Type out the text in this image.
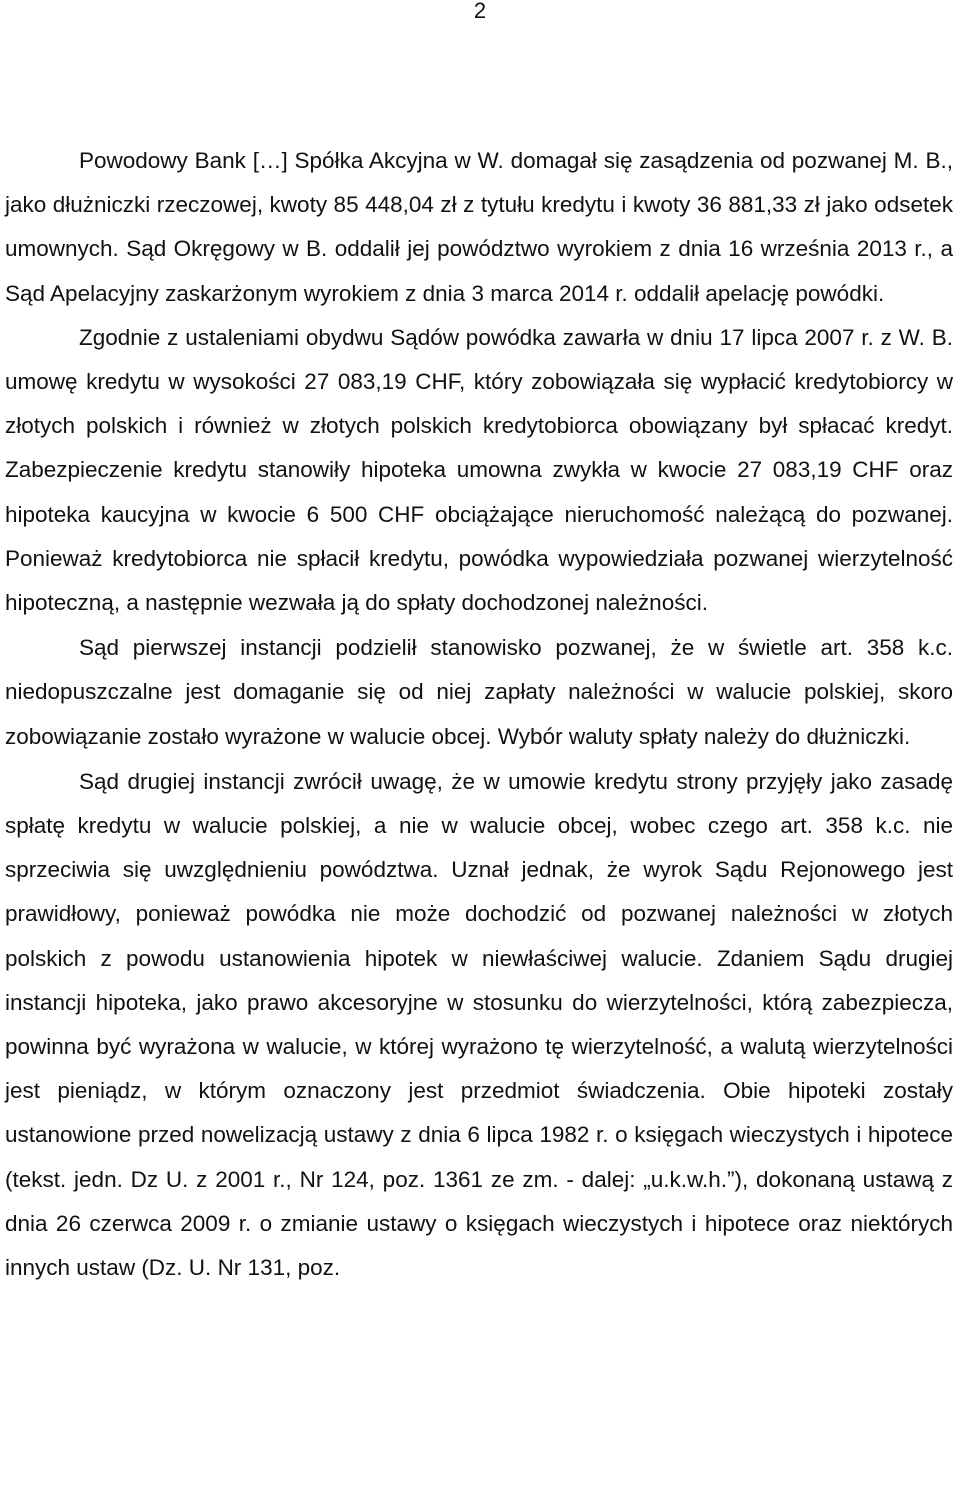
2

Powodowy Bank […] Spółka Akcyjna w W. domagał się zasądzenia od pozwanej M. B., jako dłużniczki rzeczowej, kwoty 85 448,04 zł z tytułu kredytu i kwoty 36 881,33 zł jako odsetek umownych. Sąd Okręgowy w B. oddalił jej powództwo wyrokiem z dnia 16 września 2013 r., a Sąd Apelacyjny zaskarżonym wyrokiem z dnia 3 marca 2014 r. oddalił apelację powódki.

Zgodnie z ustaleniami obydwu Sądów powódka zawarła w dniu 17 lipca 2007 r. z W. B. umowę kredytu w wysokości 27 083,19 CHF, który zobowiązała się wypłacić kredytobiorcy w złotych polskich i również w złotych polskich kredytobiorca obowiązany był spłacać kredyt. Zabezpieczenie kredytu stanowiły hipoteka umowna zwykła w kwocie 27 083,19 CHF oraz hipoteka kaucyjna w kwocie 6 500 CHF obciążające nieruchomość należącą do pozwanej. Ponieważ kredytobiorca nie spłacił kredytu, powódka wypowiedziała pozwanej wierzytelność hipoteczną, a następnie wezwała ją do spłaty dochodzonej należności.

Sąd pierwszej instancji podzielił stanowisko pozwanej, że w świetle art. 358 k.c. niedopuszczalne jest domaganie się od niej zapłaty należności w walucie polskiej, skoro zobowiązanie zostało wyrażone w walucie obcej. Wybór waluty spłaty należy do dłużniczki.

Sąd drugiej instancji zwrócił uwagę, że w umowie kredytu strony przyjęły jako zasadę spłatę kredytu w walucie polskiej, a nie w walucie obcej, wobec czego art. 358 k.c. nie sprzeciwia się uwzględnieniu powództwa. Uznał jednak, że wyrok Sądu Rejonowego jest prawidłowy, ponieważ powódka nie może dochodzić od pozwanej należności w złotych polskich z powodu ustanowienia hipotek w niewłaściwej walucie. Zdaniem Sądu drugiej instancji hipoteka, jako prawo akcesoryjne w stosunku do wierzytelności, którą zabezpiecza, powinna być wyrażona w walucie, w której wyrażono tę wierzytelność, a walutą wierzytelności jest pieniądz, w którym oznaczony jest przedmiot świadczenia. Obie hipoteki zostały ustanowione przed nowelizacją ustawy z dnia 6 lipca 1982 r. o księgach wieczystych i hipotece (tekst. jedn. Dz U. z 2001 r., Nr 124, poz. 1361 ze zm. - dalej: „u.k.w.h.”), dokonaną ustawą z dnia 26 czerwca 2009 r. o zmianie ustawy o księgach wieczystych i hipotece oraz niektórych innych ustaw (Dz. U. Nr 131, poz.
